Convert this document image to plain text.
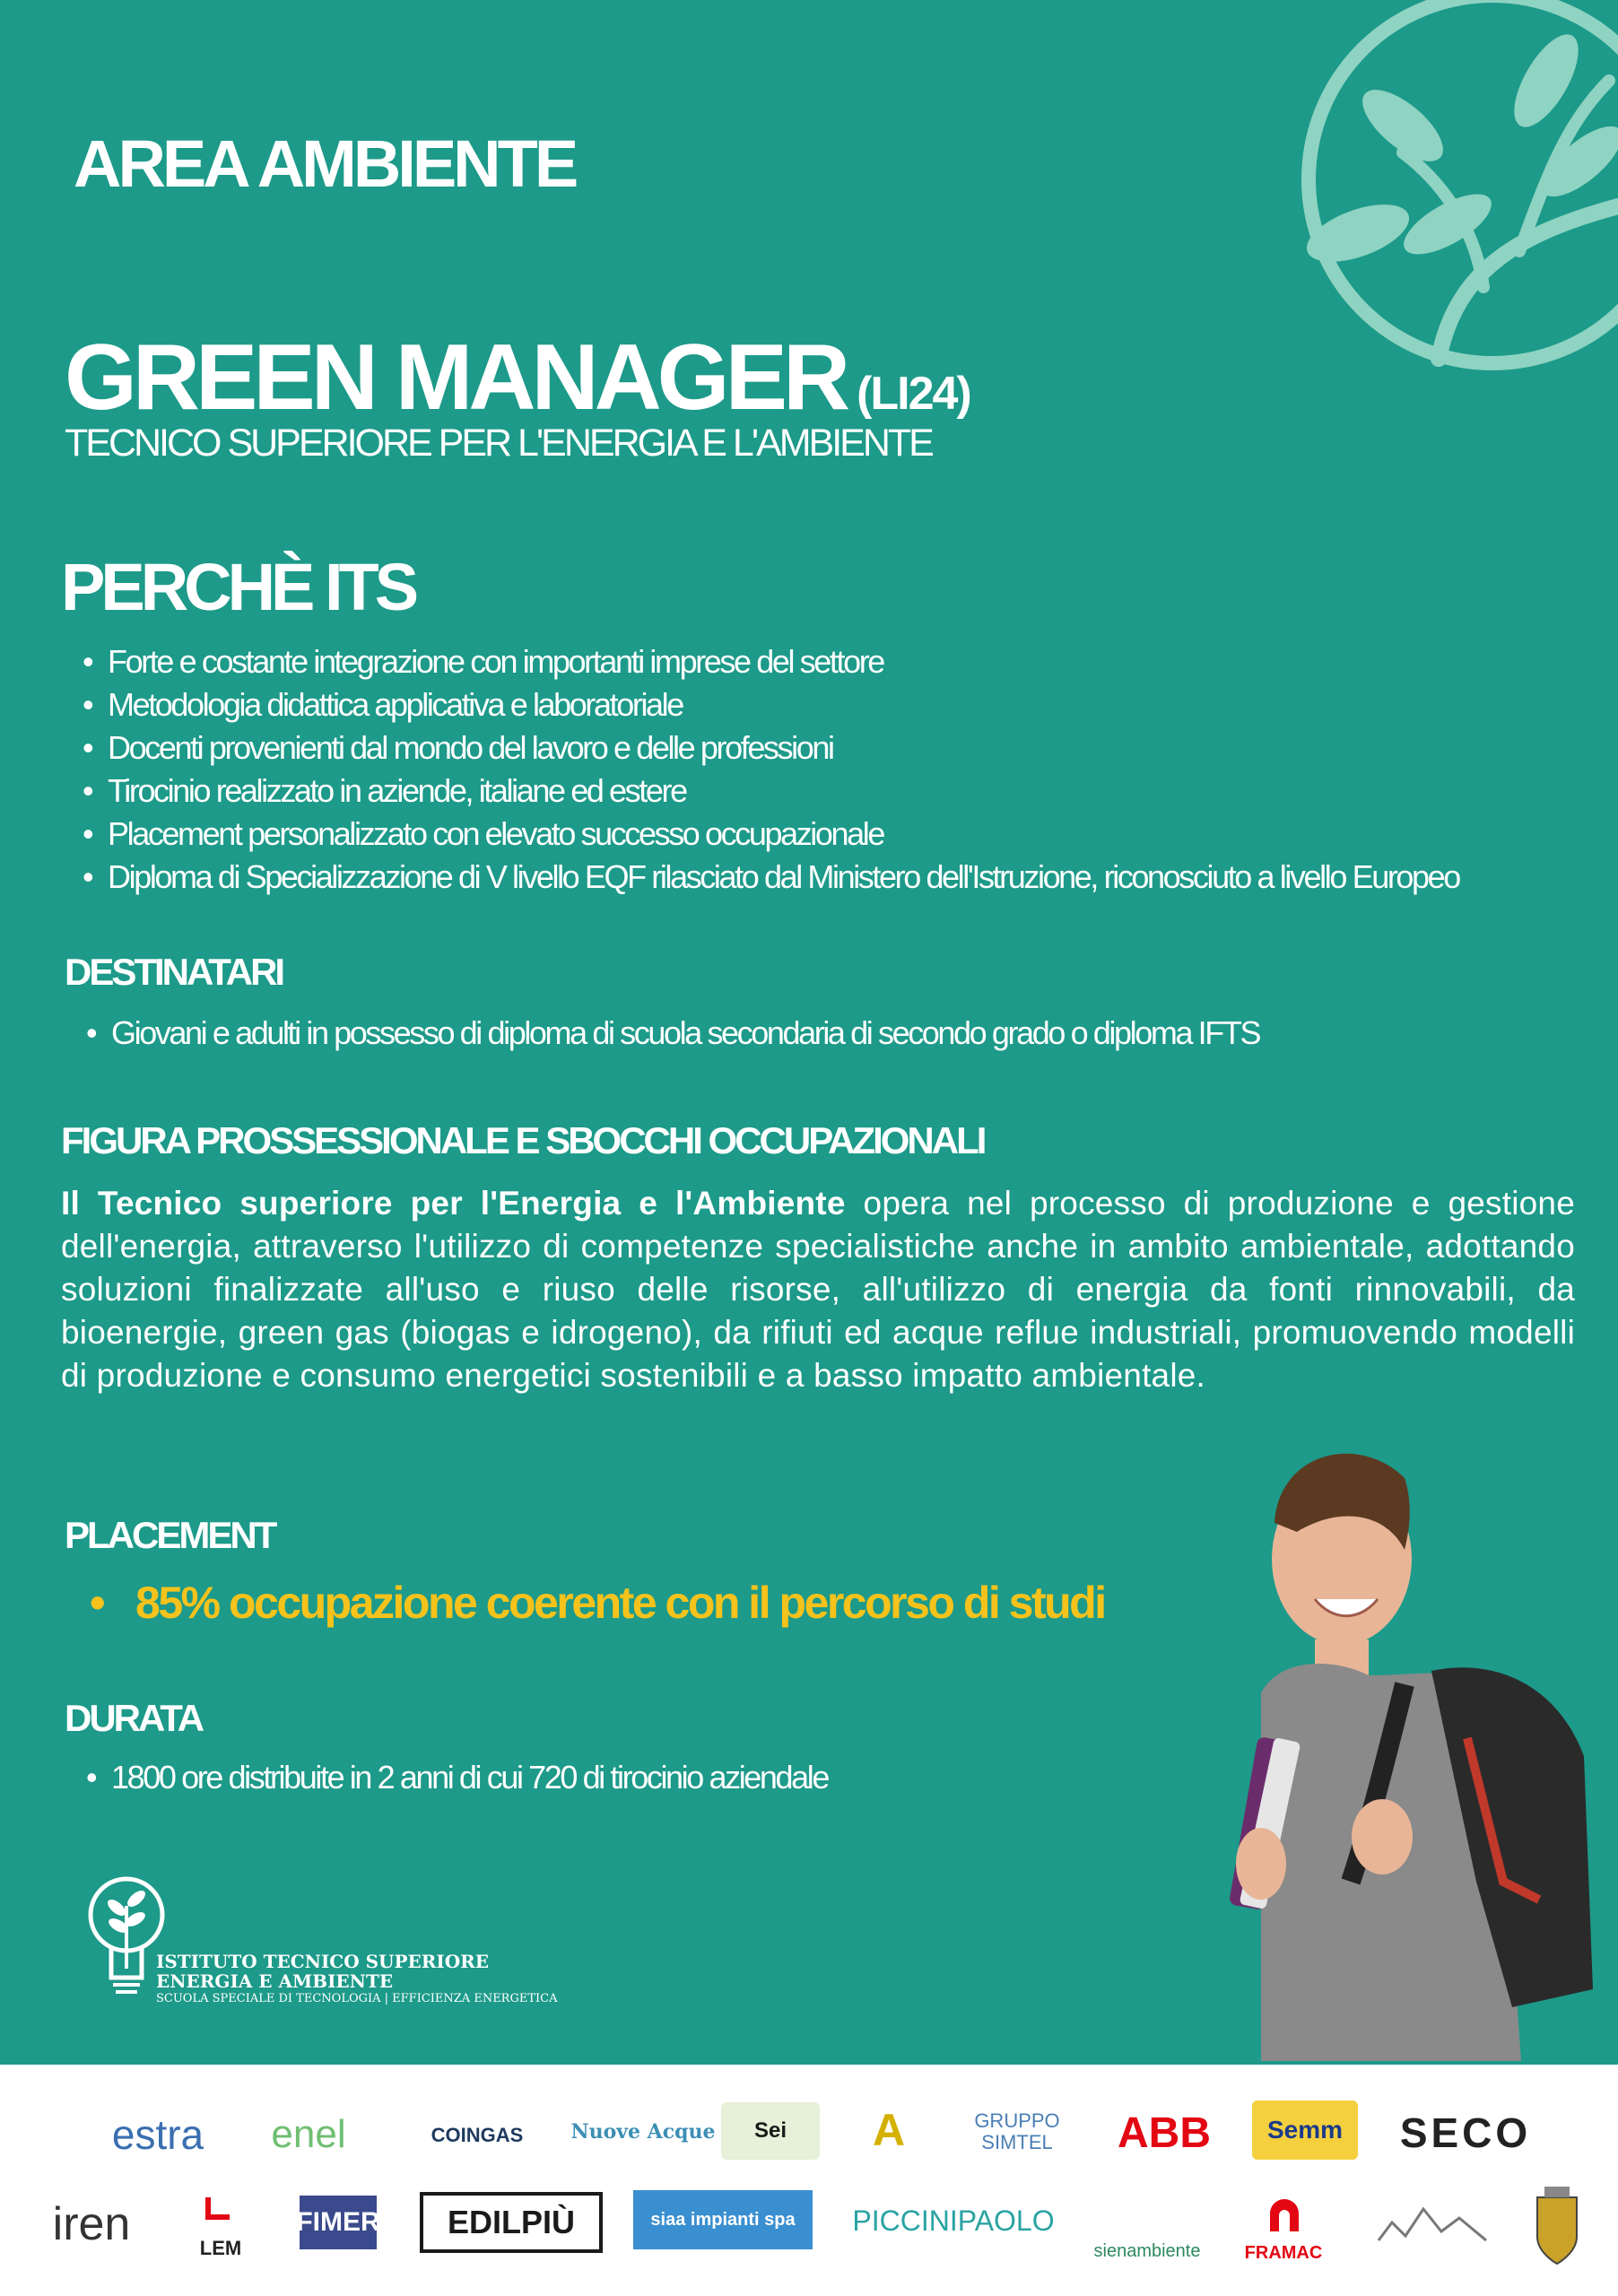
AREA AMBIENTE
GREEN MANAGER (LI24)
TECNICO SUPERIORE PER L'ENERGIA E L'AMBIENTE
PERCHÈ ITS
• Forte e costante integrazione con importanti imprese del settore
• Metodologia didattica applicativa e laboratoriale
• Docenti provenienti dal mondo del lavoro e delle professioni
• Tirocinio realizzato in aziende, italiane ed estere
• Placement personalizzato con elevato successo occupazionale
• Diploma di Specializzazione di V livello EQF rilasciato dal Ministero dell'Istruzione, riconosciuto a livello Europeo
DESTINATARI
• Giovani e adulti in possesso di diploma di scuola secondaria di secondo grado o diploma IFTS
FIGURA PROSSESSIONALE E SBOCCHI OCCUPAZIONALI
Il Tecnico superiore per l'Energia e l'Ambiente opera nel processo di produzione e gestione dell'energia, attraverso l'utilizzo di competenze specialistiche anche in ambito ambientale, adottando soluzioni finalizzate all'uso e riuso delle risorse, all'utilizzo di energia da fonti rinnovabili, da bioenergie, green gas (biogas e idrogeno), da rifiuti ed acque reflue industriali, promuovendo modelli di produzione e consumo energetici sostenibili e a basso impatto ambientale.
PLACEMENT
• 85% occupazione coerente con il percorso di studi
DURATA
• 1800 ore distribuite in 2 anni di cui 720 di tirocinio aziendale
ISTITUTO TECNICO SUPERIORE
ENERGIA E AMBIENTE
SCUOLA SPECIALE DI TECNOLOGIA | EFFICIENZA ENERGETICA
estra	enel	COINGAS	Nuove Acque	Sei	A	GRUPPO SIMTEL	ABB	Semm	SECO
iren	LEM
FIMER	EDILPIÙ	siaa impianti spa	PICCINIPAOLO
sienambiente FRAMAC
